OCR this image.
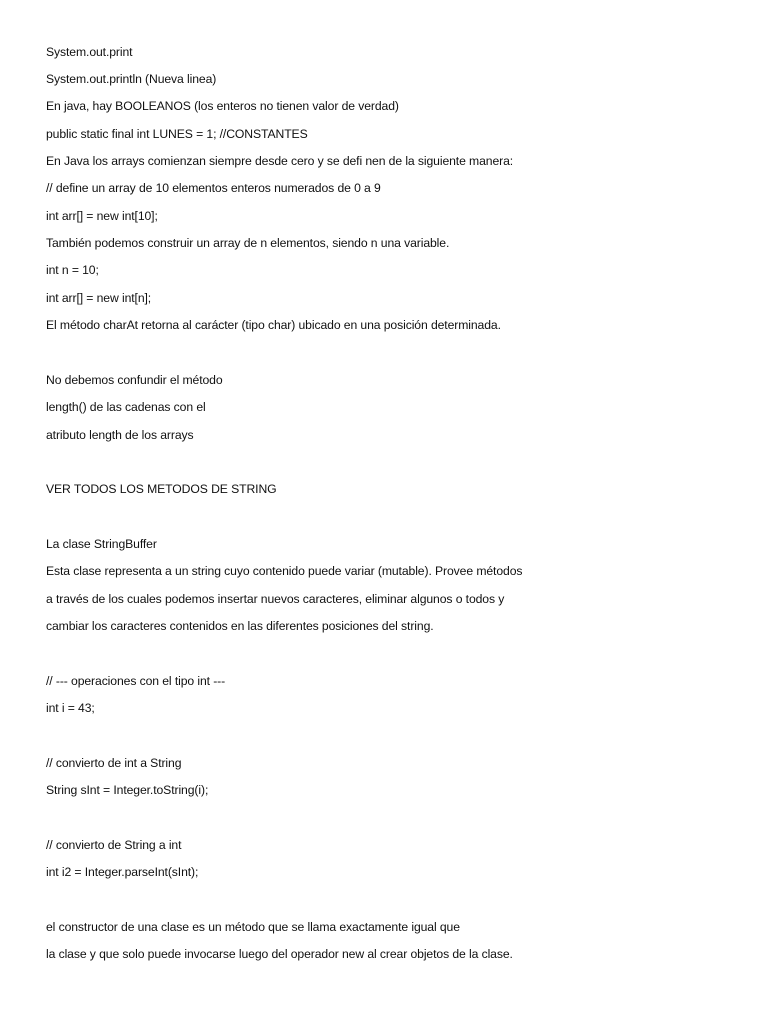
System.out.print

System.out.println (Nueva linea)

En java, hay BOOLEANOS (los enteros no tienen valor de verdad)

public static final int LUNES = 1; //CONSTANTES

En Java los arrays comienzan siempre desde cero y se defi nen de la siguiente manera:

// define un array de 10 elementos enteros numerados de 0 a 9

int arr[] = new int[10];

También podemos construir un array de n elementos, siendo n una variable.

int n = 10;

int arr[] = new int[n];

El método charAt retorna al carácter (tipo char) ubicado en una posición determinada.

No debemos confundir el método

length() de las cadenas con el

atributo length de los arrays

VER TODOS LOS METODOS DE STRING

La clase StringBuffer

Esta clase representa a un string cuyo contenido puede variar (mutable). Provee métodos

a través de los cuales podemos insertar nuevos caracteres, eliminar algunos o todos y

cambiar los caracteres contenidos en las diferentes posiciones del string.

// --- operaciones con el tipo int ---

int i = 43;

// convierto de int a String

String sInt = Integer.toString(i);

// convierto de String a int

int i2 = Integer.parseInt(sInt);

el constructor de una clase es un método que se llama exactamente igual que

la clase y que solo puede invocarse luego del operador new al crear objetos de la clase.
